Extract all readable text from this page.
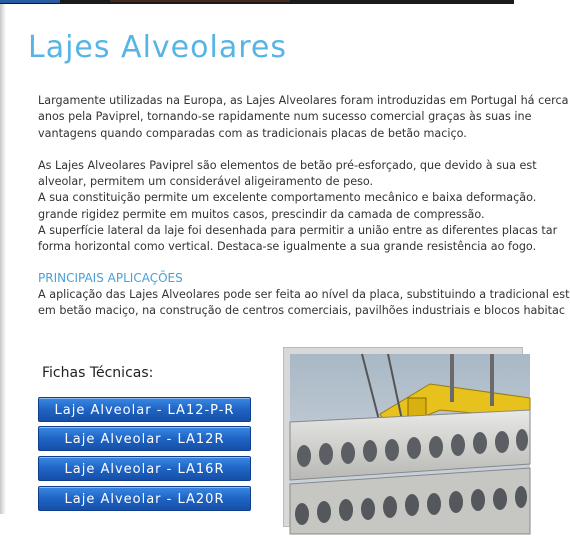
Lajes Alveolares

Largamente utilizadas na Europa, as Lajes Alveolares foram introduzidas em Portugal há cerca

anos pela Paviprel, tornando-se rapidamente num sucesso comercial graças às suas ine

vantagens quando comparadas com as tradicionais placas de betão maciço.

As Lajes Alveolares Paviprel são elementos de betão pré-esforçado, que devido à sua est

alveolar, permitem um considerável aligeiramento de peso.

A sua constituição permite um excelente comportamento mecânico e baixa deformação.

grande rigidez permite em muitos casos, prescindir da camada de compressão.

A superfície lateral da laje foi desenhada para permitir a união entre as diferentes placas tar

forma horizontal como vertical. Destaca-se igualmente a sua grande resistência ao fogo.

PRINCIPAIS APLICAÇÕES

A aplicação das Lajes Alveolares pode ser feita ao nível da placa, substituindo a tradicional est

em betão maciço, na construção de centros comerciais, pavilhões industriais e blocos habitac

Fichas Técnicas:
Laje Alveolar - LA12-P-R
Laje Alveolar - LA12R
Laje Alveolar - LA16R
Laje Alveolar - LA20R
